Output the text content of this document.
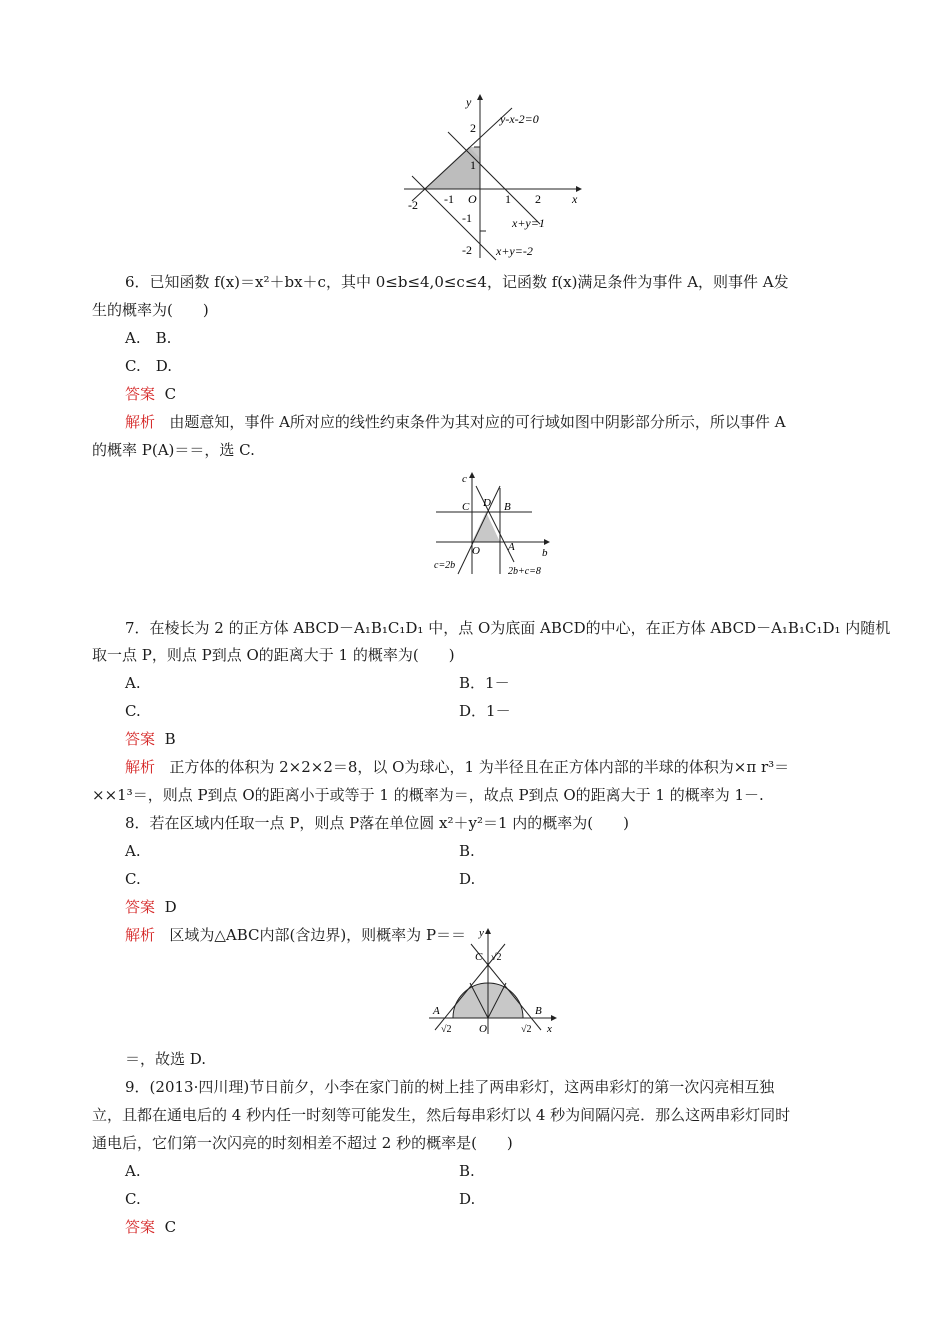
y
x
O
-2 -1	1 2
2
1
-1
-2
y-x-2=0
x+y=1
x+y=-2
6．已知函数 f(x)＝x²＋bx＋c，其中 0≤b≤4,0≤c≤4，记函数 f(x)满足条件为事件 A，则事件 A发
生的概率为(　　)
A.　B.
C.　D.
答案 C
解析 由题意知，事件 A所对应的线性约束条件为其对应的可行域如图中阴影部分所示，所以事件 A
的概率 P(A)＝＝，选 C.
c
b
O
C D B
A
c=2b
2b+c=8
7．在棱长为 2 的正方体 ABCD－A₁B₁C₁D₁ 中，点 O为底面 ABCD的中心，在正方体 ABCD－A₁B₁C₁D₁ 内随机
取一点 P，则点 P到点 O的距离大于 1 的概率为(　　)
A.	B．1－
C.	D．1－
答案 B
解析 正方体的体积为 2×2×2＝8，以 O为球心，1 为半径且在正方体内部的半球的体积为×π r³＝
××1³＝，则点 P到点 O的距离小于或等于 1 的概率为＝，故点 P到点 O的距离大于 1 的概率为 1－.
8．若在区域内任取一点 P，则点 P落在单位圆 x²＋y²＝1 内的概率为(　　)
A.	B.
C.	D.
答案 D
解析 区域为△ABC内部(含边界)，则概率为 P＝＝ y
x
O
A	B
C
√2	√2
√2
＝，故选 D.
9．(2013·四川理)节日前夕，小李在家门前的树上挂了两串彩灯，这两串彩灯的第一次闪亮相互独
立，且都在通电后的 4 秒内任一时刻等可能发生，然后每串彩灯以 4 秒为间隔闪亮．那么这两串彩灯同时
通电后，它们第一次闪亮的时刻相差不超过 2 秒的概率是(　　)
A.	B.
C.	D.
答案 C
